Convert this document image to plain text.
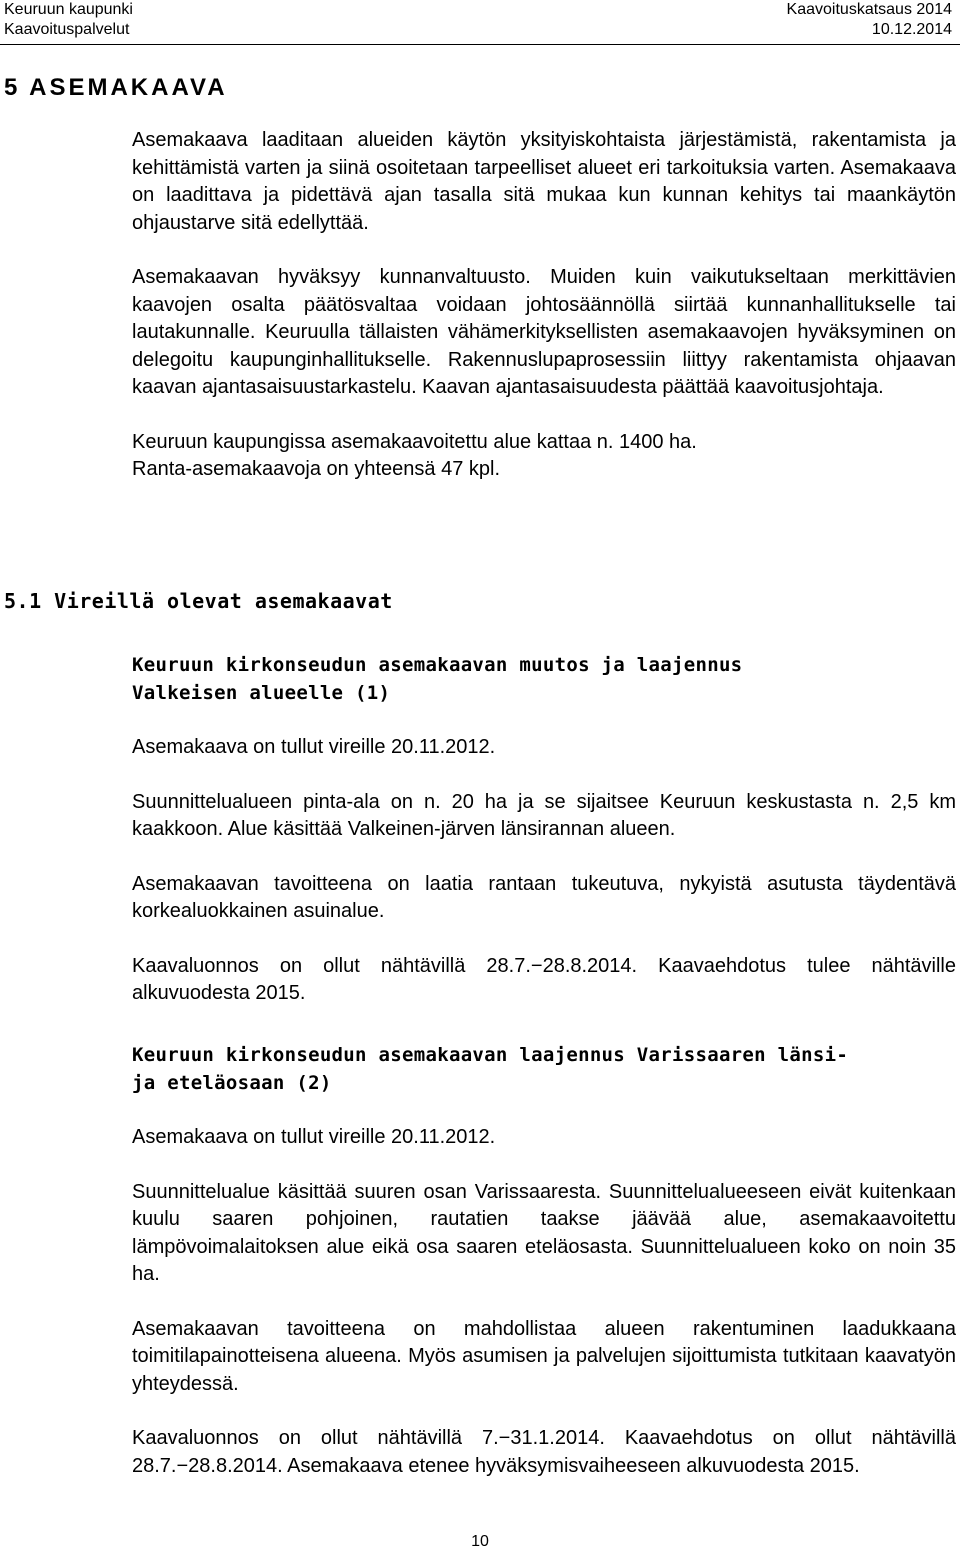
Keuruun kaupunki
Kaavoituspalvelut
Kaavoituskatsaus 2014
10.12.2014
5 ASEMAKAAVA

Asemakaava laaditaan alueiden käytön yksityiskohtaista järjestämistä, rakentamista ja kehittämistä varten ja siinä osoitetaan tarpeelliset alueet eri tarkoituksia varten. Asemakaava on laadittava ja pidettävä ajan tasalla sitä mukaa kun kunnan kehitys tai maankäytön ohjaustarve sitä edellyttää.

Asemakaavan hyväksyy kunnanvaltuusto. Muiden kuin vaikutukseltaan merkittävien kaavojen osalta päätösvaltaa voidaan johtosäännöllä siirtää kunnanhallitukselle tai lautakunnalle. Keuruulla tällaisten vähämerkityksellisten asemakaavojen hyväksyminen on delegoitu kaupunginhallitukselle. Rakennuslupaprosessiin liittyy rakentamista ohjaavan kaavan ajantasaisuustarkastelu. Kaavan ajantasaisuudesta päättää kaavoitusjohtaja.

Keuruun kaupungissa asemakaavoitettu alue kattaa n. 1400 ha.
Ranta-asemakaavoja on yhteensä 47 kpl.

5.1 Vireillä olevat asemakaavat
Keuruun kirkonseudun asemakaavan muutos ja laajennus
Valkeisen alueelle (1)

Asemakaava on tullut vireille 20.11.2012.

Suunnittelualueen pinta-ala on n. 20 ha ja se sijaitsee Keuruun keskustasta n. 2,5 km kaakkoon. Alue käsittää Valkeinen-järven länsirannan alueen.

Asemakaavan tavoitteena on laatia rantaan tukeutuva, nykyistä asutusta täydentävä korkealuokkainen asuinalue.

Kaavaluonnos on ollut nähtävillä 28.7.−28.8.2014. Kaavaehdotus tulee nähtäville alkuvuodesta 2015.

Keuruun kirkonseudun asemakaavan laajennus Varissaaren länsi-
ja eteläosaan (2)

Asemakaava on tullut vireille 20.11.2012.

Suunnittelualue käsittää suuren osan Varissaaresta. Suunnittelualueeseen eivät kuitenkaan kuulu saaren pohjoinen, rautatien taakse jäävää alue, asemakaavoitettu lämpövoimalaitoksen alue eikä osa saaren eteläosasta. Suunnittelualueen koko on noin 35 ha.

Asemakaavan tavoitteena on mahdollistaa alueen rakentuminen laadukkaana toimitilapainotteisena alueena. Myös asumisen ja palvelujen sijoittumista tutkitaan kaavatyön yhteydessä.

Kaavaluonnos on ollut nähtävillä 7.−31.1.2014. Kaavaehdotus on ollut nähtävillä 28.7.−28.8.2014. Asemakaava etenee hyväksymisvaiheeseen alkuvuodesta 2015.

10
